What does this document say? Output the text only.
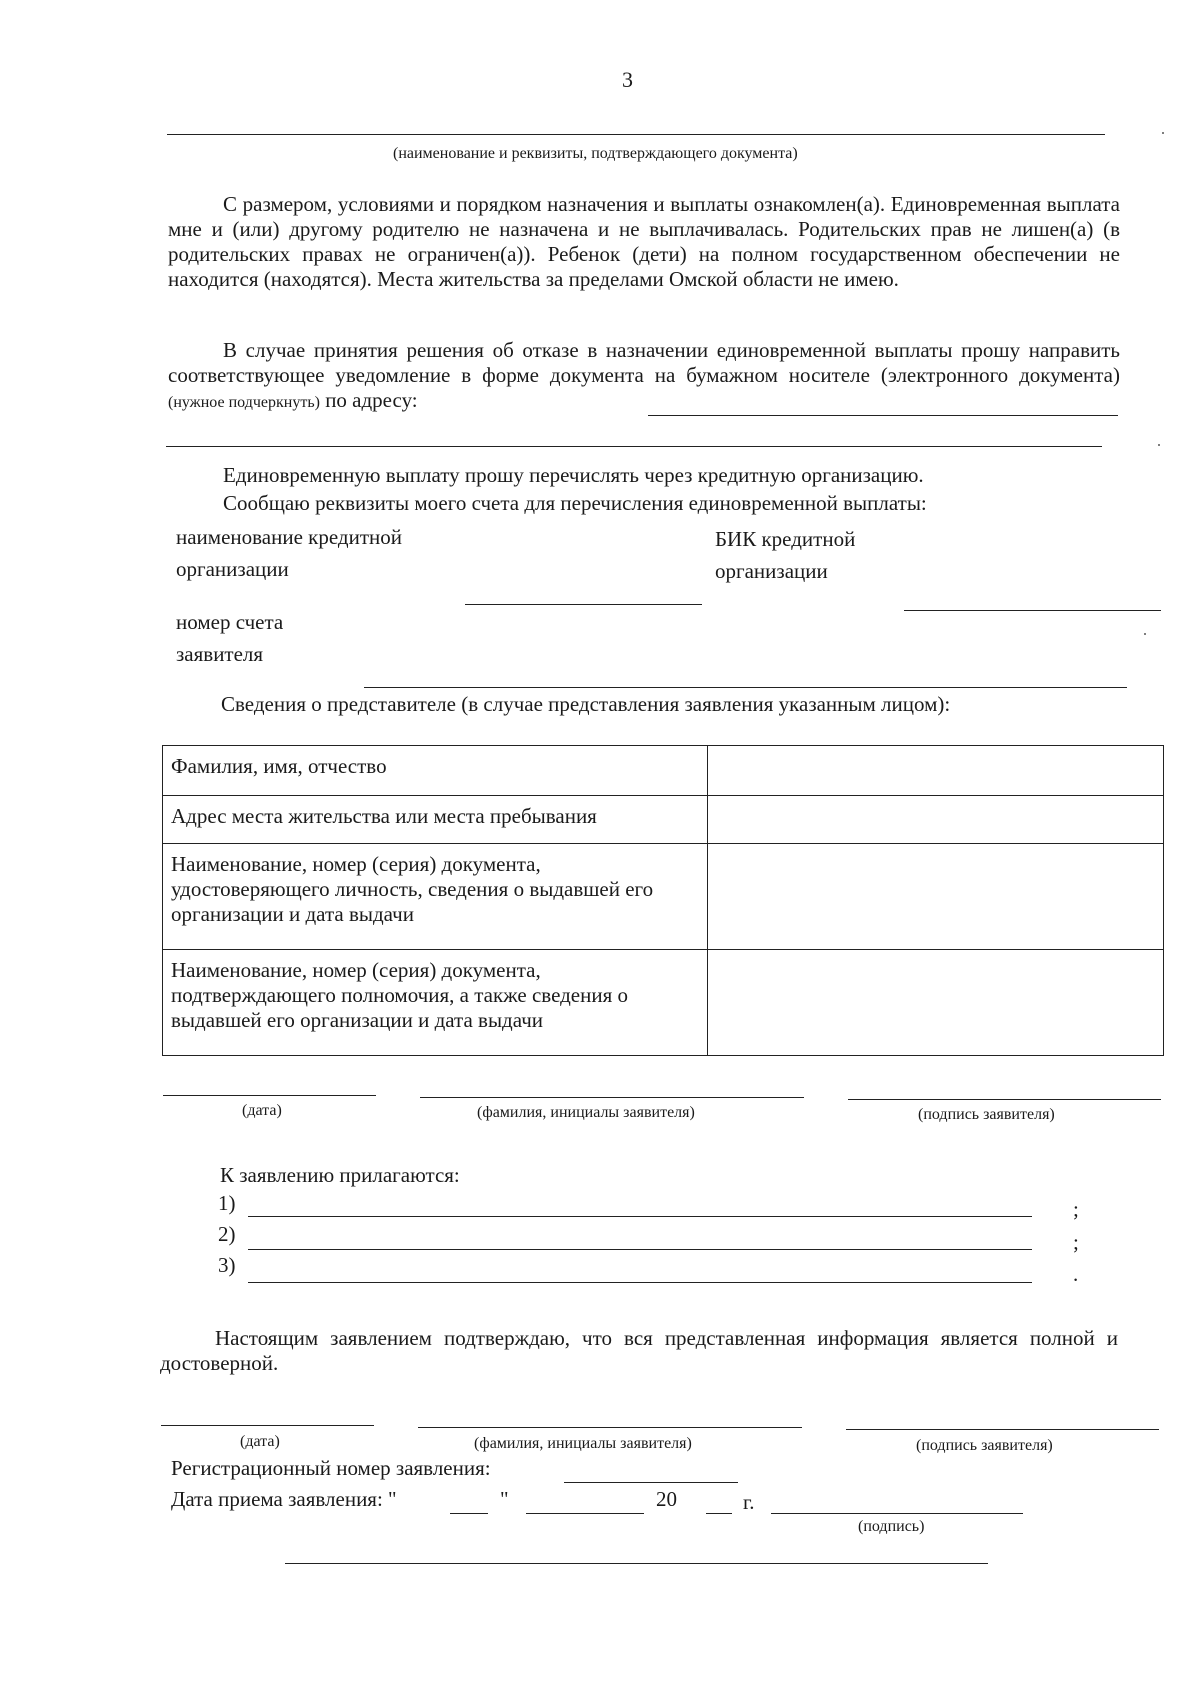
3
(наименование и реквизиты, подтверждающего документа)

С размером, условиями и порядком назначения и выплаты ознакомлен(а). Единовременная выплата мне и (или) другому родителю не назначена и не выплачивалась. Родительских прав не лишен(а) (в родительских правах не ограничен(а)). Ребенок (дети) на полном государственном обеспечении не находится (находятся). Места жительства за пределами Омской области не имею.

В случае принятия решения об отказе в назначении единовременной выплаты прошу направить соответствующее уведомление в форме документа на бумажном носителе (электронного документа) (нужное подчеркнуть) по адресу:

Единовременную выплату прошу перечислять через кредитную организацию.
Сообщаю реквизиты моего счета для перечисления единовременной выплаты:
наименование кредитной
организации
БИК кредитной
организации
номер счета
заявителя
Сведения о представителе (в случае представления заявления указанным лицом):
Фамилия, имя, отчество	
Адрес места жительства или места пребывания	
Наименование, номер (серия) документа, удостоверяющего личность, сведения о выдавшей его организации и дата выдачи	
Наименование, номер (серия) документа, подтверждающего полномочия, а также сведения о выдавшей его организации и дата выдачи	
(дата)	(фамилия, инициалы заявителя)	(подпись заявителя)
К заявлению прилагаются:
1)	;
2)	;
3)	.

Настоящим заявлением подтверждаю, что вся представленная информация является полной и достоверной.

(дата)	(фамилия, инициалы заявителя)	(подпись заявителя)
Регистрационный номер заявления:
Дата приема заявления: "	"	20	г.
(подпись)
